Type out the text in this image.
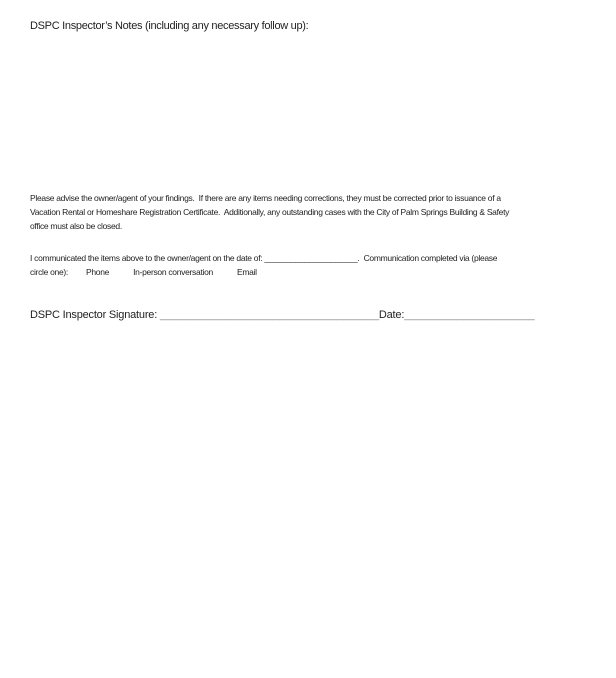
DSPC Inspector’s Notes (including any necessary follow up):

Please advise the owner/agent of your findings.  If there are any items needing corrections, they must be corrected prior to issuance of a
Vacation Rental or Homeshare Registration Certificate.  Additionally, any outstanding cases with the City of Palm Springs Building & Safety
office must also be closed.

I communicated the items above to the owner/agent on the date of: _____________________.  Communication completed via (please
circle one): Phone	In-person conversation	Email

DSPC Inspector Signature: _____________________________________Date:______________________
